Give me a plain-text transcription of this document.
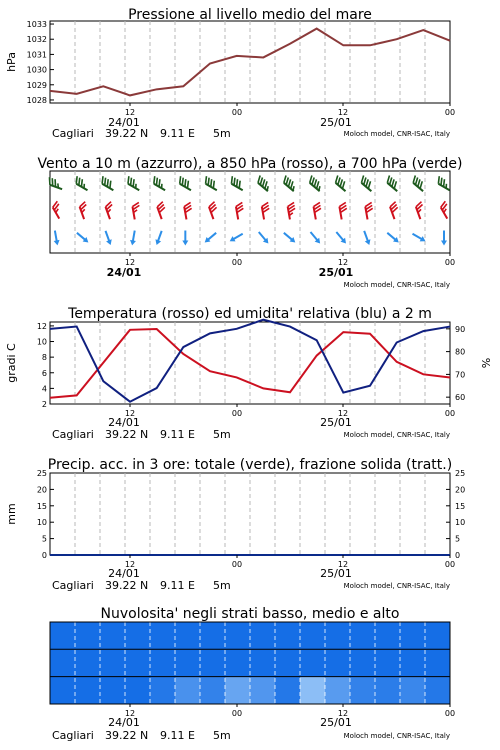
Pressione al livello medio del mare
1028
1029
1030
1031
1032
1033
hPa
12	00	12	00
24/01	25/01
Cagliari 39.22 N 9.11 E 5m	Moloch model, CNR-ISAC, Italy
Vento a 10 m (azzurro), a 850 hPa (rosso), a 700 hPa (verde)
12	00	12	00
24/01	25/01
Moloch model, CNR-ISAC, Italy
Temperatura (rosso) ed umidita' relativa (blu) a 2 m
2
4
6
8
10
12
60
70
80
90
gradi C	%
12	00	12	00
24/01	25/01
Cagliari 39.22 N 9.11 E 5m	Moloch model, CNR-ISAC, Italy
Precip. acc. in 3 ore: totale (verde), frazione solida (tratt.)
0
5
10
15
20
25
0
5
10
15
20
25
mm
12	00	12	00
24/01	25/01
Cagliari 39.22 N 9.11 E 5m	Moloch model, CNR-ISAC, Italy
Nuvolosita' negli strati basso, medio e alto
12	00	12	00
24/01	25/01
Cagliari 39.22 N 9.11 E 5m	Moloch model, CNR-ISAC, Italy
